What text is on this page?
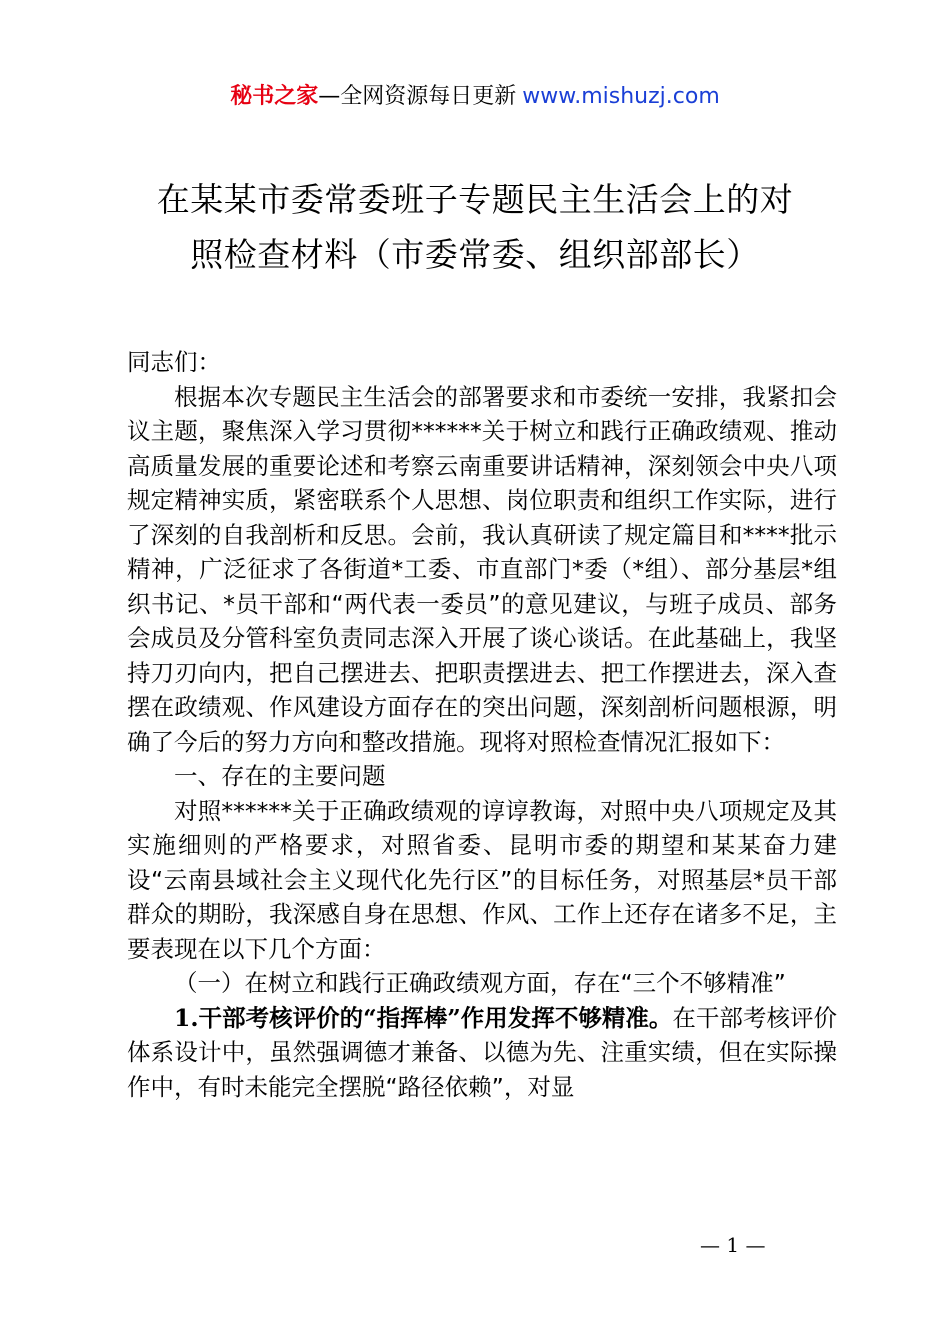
秘书之家—全网资源每日更新 www.mishuzj.com
在某某市委常委班子专题民主生活会上的对
照检查材料（市委常委、组织部部长）

同志们：

根据本次专题民主生活会的部署要求和市委统一安排，我紧扣会议主题，聚焦深入学习贯彻******关于树立和践行正确政绩观、推动高质量发展的重要论述和考察云南重要讲话精神，深刻领会中央八项规定精神实质，紧密联系个人思想、岗位职责和组织工作实际，进行了深刻的自我剖析和反思。会前，我认真研读了规定篇目和****批示精神，广泛征求了各街道*工委、市直部门*委（*组）、部分基层*组织书记、*员干部和“两代表一委员”的意见建议，与班子成员、部务会成员及分管科室负责同志深入开展了谈心谈话。在此基础上，我坚持刀刃向内，把自己摆进去、把职责摆进去、把工作摆进去，深入查摆在政绩观、作风建设方面存在的突出问题，深刻剖析问题根源，明确了今后的努力方向和整改措施。现将对照检查情况汇报如下：

一、存在的主要问题

对照******关于正确政绩观的谆谆教诲，对照中央八项规定及其实施细则的严格要求，对照省委、昆明市委的期望和某某奋力建设“云南县域社会主义现代化先行区”的目标任务，对照基层*员干部群众的期盼，我深感自身在思想、作风、工作上还存在诸多不足，主要表现在以下几个方面：

（一）在树立和践行正确政绩观方面，存在“三个不够精准”

1.干部考核评价的“指挥棒”作用发挥不够精准。在干部考核评价体系设计中，虽然强调德才兼备、以德为先、注重实绩，但在实际操作中，有时未能完全摆脱“路径依赖”，对显

— 1 —
